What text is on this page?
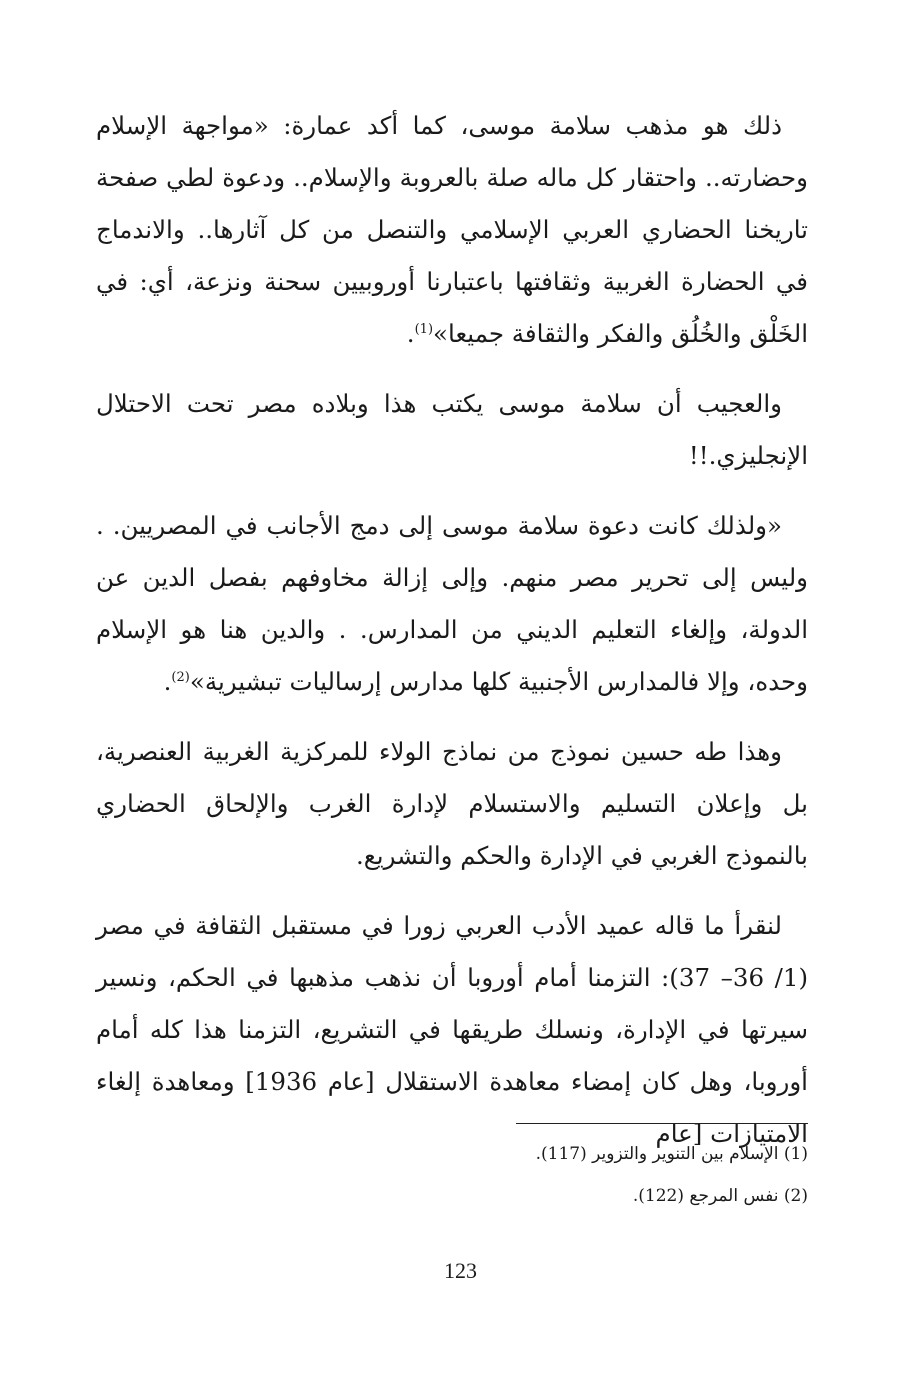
ذلك هو مذهب سلامة موسى، كما أكد عمارة: «مواجهة الإسلام وحضارته.. واحتقار كل ماله صلة بالعروبة والإسلام.. ودعوة لطي صفحة تاريخنا الحضاري العربي الإسلامي والتنصل من كل آثارها.. والاندماج في الحضارة الغربية وثقافتها باعتبارنا أوروبيين سحنة ونزعة، أي: في الخَلْق والخُلُق والفكر والثقافة جميعا»$^{(1)}$.

والعجيب أن سلامة موسى يكتب هذا وبلاده مصر تحت الاحتلال الإنجليزي.!!

«ولذلك كانت دعوة سلامة موسى إلى دمج الأجانب في المصريين. . وليس إلى تحرير مصر منهم. وإلى إزالة مخاوفهم بفصل الدين عن الدولة، وإلغاء التعليم الديني من المدارس. . والدين هنا هو الإسلام وحده، وإلا فالمدارس الأجنبية كلها مدارس إرساليات تبشيرية»$^{(2)}$.

وهذا طه حسين نموذج من نماذج الولاء للمركزية الغربية العنصرية، بل وإعلان التسليم والاستسلام لإدارة الغرب والإلحاق الحضاري بالنموذج الغربي في الإدارة والحكم والتشريع.

لنقرأ ما قاله عميد الأدب العربي زورا في مستقبل الثقافة في مصر (1/ 36– 37): التزمنا أمام أوروبا أن نذهب مذهبها في الحكم، ونسير سيرتها في الإدارة، ونسلك طريقها في التشريع، التزمنا هذا كله أمام أوروبا، وهل كان إمضاء معاهدة الاستقلال [عام 1936] ومعاهدة إلغاء الامتيازات [عام

(1) الإسلام بين التنوير والتزوير (117).

(2) نفس المرجع (122).

123
